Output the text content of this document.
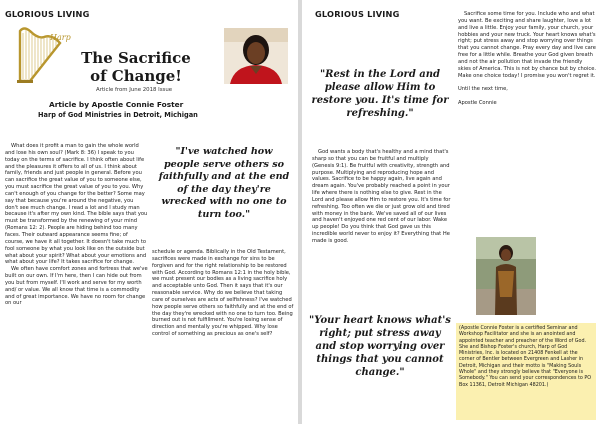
GLORIOUS LIVING
Harp
The Sacrifice of Change!
Article from June 2018 Issue
Article by Apostle Connie Foster
Harp of God Ministries in Detroit, Michigan

What does it profit a man to gain the whole world and lose his own soul? (Mark 8: 36) I speak to you today on the terms of sacrifice. I think often about life and the pleasures it offers to all of us. I think about family, friends and just people in general. Before you can sacrifice the great value of you to someone else, you must sacrifice the great value of you to you. Why can't enough of you change for the better? Some may say that because you're around the negative, you don't see much change. I read a lot and I study man because it's after my own kind. The bible says that you must be transformed by the renewing of your mind (Romans 12: 2). People are hiding behind too many faces. Their outward appearance seems fine; of course, we have it all together. It doesn't take much to fool someone by what you look like on the outside but what about your spirit? What about your emotions and what about your life? It takes sacrifice for change.

We often have comfort zones and fortress that we've built on our own. If I'm here, then I can hide out from you but from myself. I'll work and serve for my worth and/ or value. We all know that time is a commodity and of great importance. We have no room for change on our

"I've watched how people serve others so faithfully and at the end of the day they're wrecked with no one to turn too."

schedule or agenda. Biblically in the Old Testament, sacrifices were made in exchange for sins to be forgiven and for the right relationship to be restored with God. According to Romans 12:1 in the holy bible, we must present our bodies as a living sacrifice holy and acceptable unto God. Then it says that it's our reasonable service. Why do we believe that taking care of ourselves are acts of selfishness? I've watched how people serve others so faithfully and at the end of the day they're wrecked with no one to turn too. Being burned out is not fulfillment. You're losing sense of direction and mentally you're whipped. Why lose control of something as precious as one's self?

GLORIOUS LIVING
"Rest in the Lord and please allow Him to restore you. It's time for refreshing."

God wants a body that's healthy and a mind that's sharp so that you can be fruitful and multiply (Genesis 9:1). Be fruitful with creativity, strength and purpose. Multiplying and reproducing hope and values. Sacrifice to be happy again, live again and dream again. You've probably reached a point in your life where there is nothing else to give. Rest in the Lord and please allow Him to restore you. It's time for refreshing. Too often we die or just grow old and tired with money in the bank. We've saved all of our lives and haven't enjoyed one red cent of our labor. Wake up people! Do you think that God gave us this incredible world never to enjoy it? Everything that He made is good.

"Your heart knows what's right; put stress away and stop worrying over things that you cannot change."

Sacrifice some time for you. Include who and what you want. Be exciting and share laughter, love a lot and live a little. Enjoy your family, your church, your hobbies and your new truck. Your heart knows what's right; put stress away and stop worrying over things that you cannot change. Pray every day and live care free for a little while. Breathe your God given breath and not the air pollution that invade the friendly skies of America. This is not by chance but by choice. Make one choice today! I promise you won't regret it.

Until the next time,

Apostle Connie

(Apostle Connie Foster is a certified Seminar and Workshop Facilitator and she is an anointed and appointed teacher and preacher of the Word of God. She and Bishop Foster's church, Harp of God Ministries, Inc. is located on 21408 Fenkell at the corner of Bentler between Evergreen and Lasher in Detroit, Michigan and their motto is "Making Souls Whole" and they strongly believe that "Everyone is Somebody." You can send your correspondences to PO Box 11361, Detroit Michigan 48201.)
